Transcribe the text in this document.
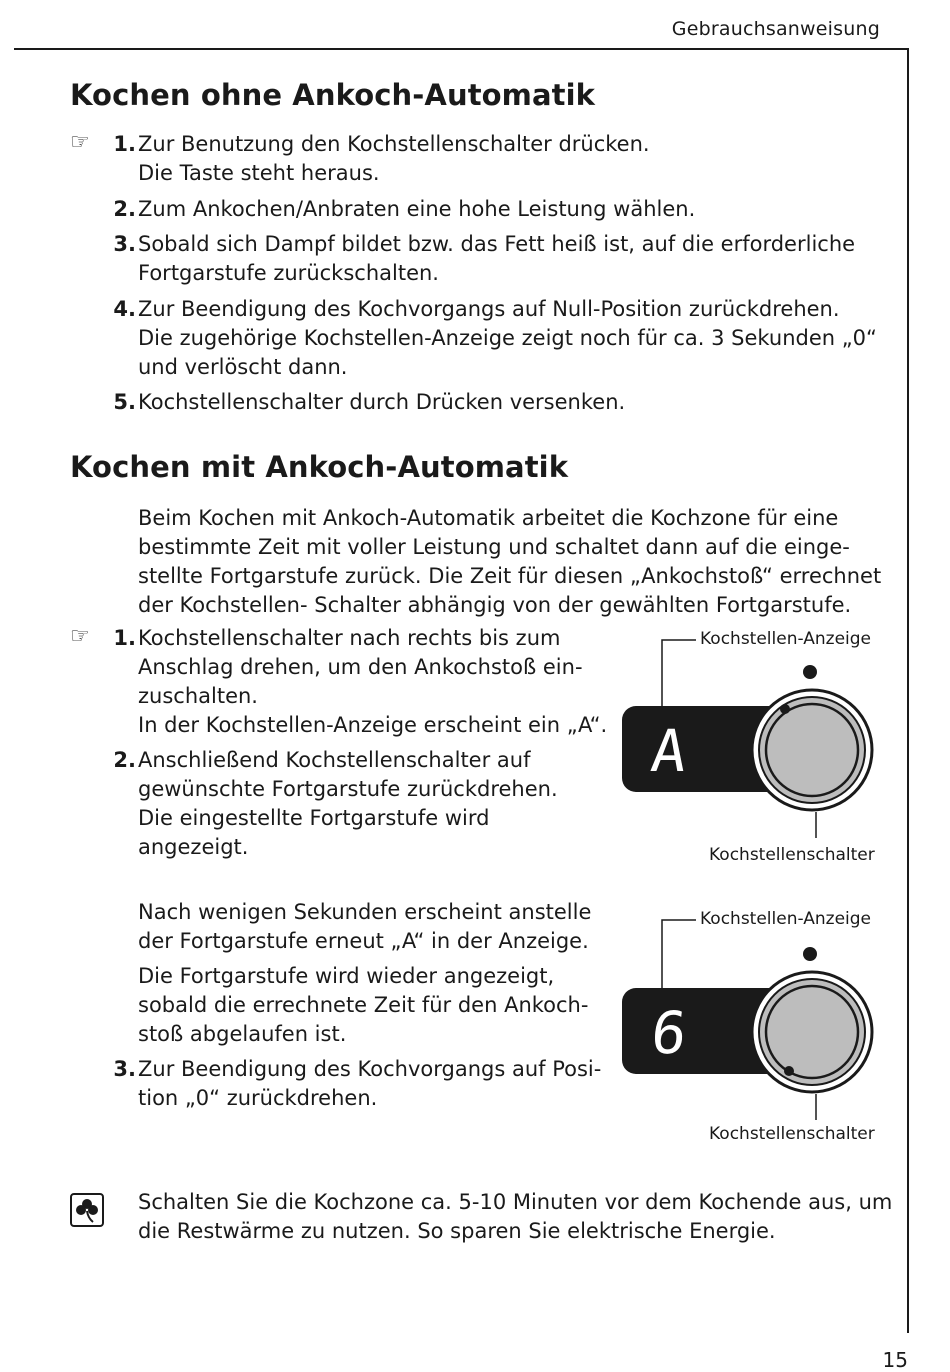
Gebrauchsanweisung
Kochen ohne Ankoch-Automatik
☞	1. Zur Benutzung den Kochstellenschalter drücken.
Die Taste steht heraus.
2. Zum Ankochen/Anbraten eine hohe Leistung wählen.
3. Sobald sich Dampf bildet bzw. das Fett heiß ist, auf die erforderliche
Fortgarstufe zurückschalten.
4. Zur Beendigung des Kochvorgangs auf Null-Position zurückdrehen.
Die zugehörige Kochstellen-Anzeige zeigt noch für ca. 3 Sekunden „0“
und verlöscht dann.
5. Kochstellenschalter durch Drücken versenken.
Kochen mit Ankoch-Automatik
Beim Kochen mit Ankoch-Automatik arbeitet die Kochzone für eine
bestimmte Zeit mit voller Leistung und schaltet dann auf die einge-
stellte Fortgarstufe zurück. Die Zeit für diesen „Ankochstoß“ errechnet
der Kochstellen- Schalter abhängig von der gewählten Fortgarstufe.
☞	1. Kochstellenschalter nach rechts bis zum
Anschlag drehen, um den Ankochstoß ein-
zuschalten.
In der Kochstellen-Anzeige erscheint ein „A“.
2. Anschließend Kochstellenschalter auf
gewünschte Fortgarstufe zurückdrehen.
Die eingestellte Fortgarstufe wird
angezeigt.
Nach wenigen Sekunden erscheint anstelle
der Fortgarstufe erneut „A“ in der Anzeige.
Die Fortgarstufe wird wieder angezeigt,
sobald die errechnete Zeit für den Ankoch-
stoß abgelaufen ist.
3. Zur Beendigung des Kochvorgangs auf Posi-
tion „0“ zurückdrehen.
Kochstellen-Anzeige
Kochstellenschalter
A
Kochstellen-Anzeige
Kochstellenschalter
6
Schalten Sie die Kochzone ca. 5-10 Minuten vor dem Kochende aus, um
die Restwärme zu nutzen. So sparen Sie elektrische Energie.
15
